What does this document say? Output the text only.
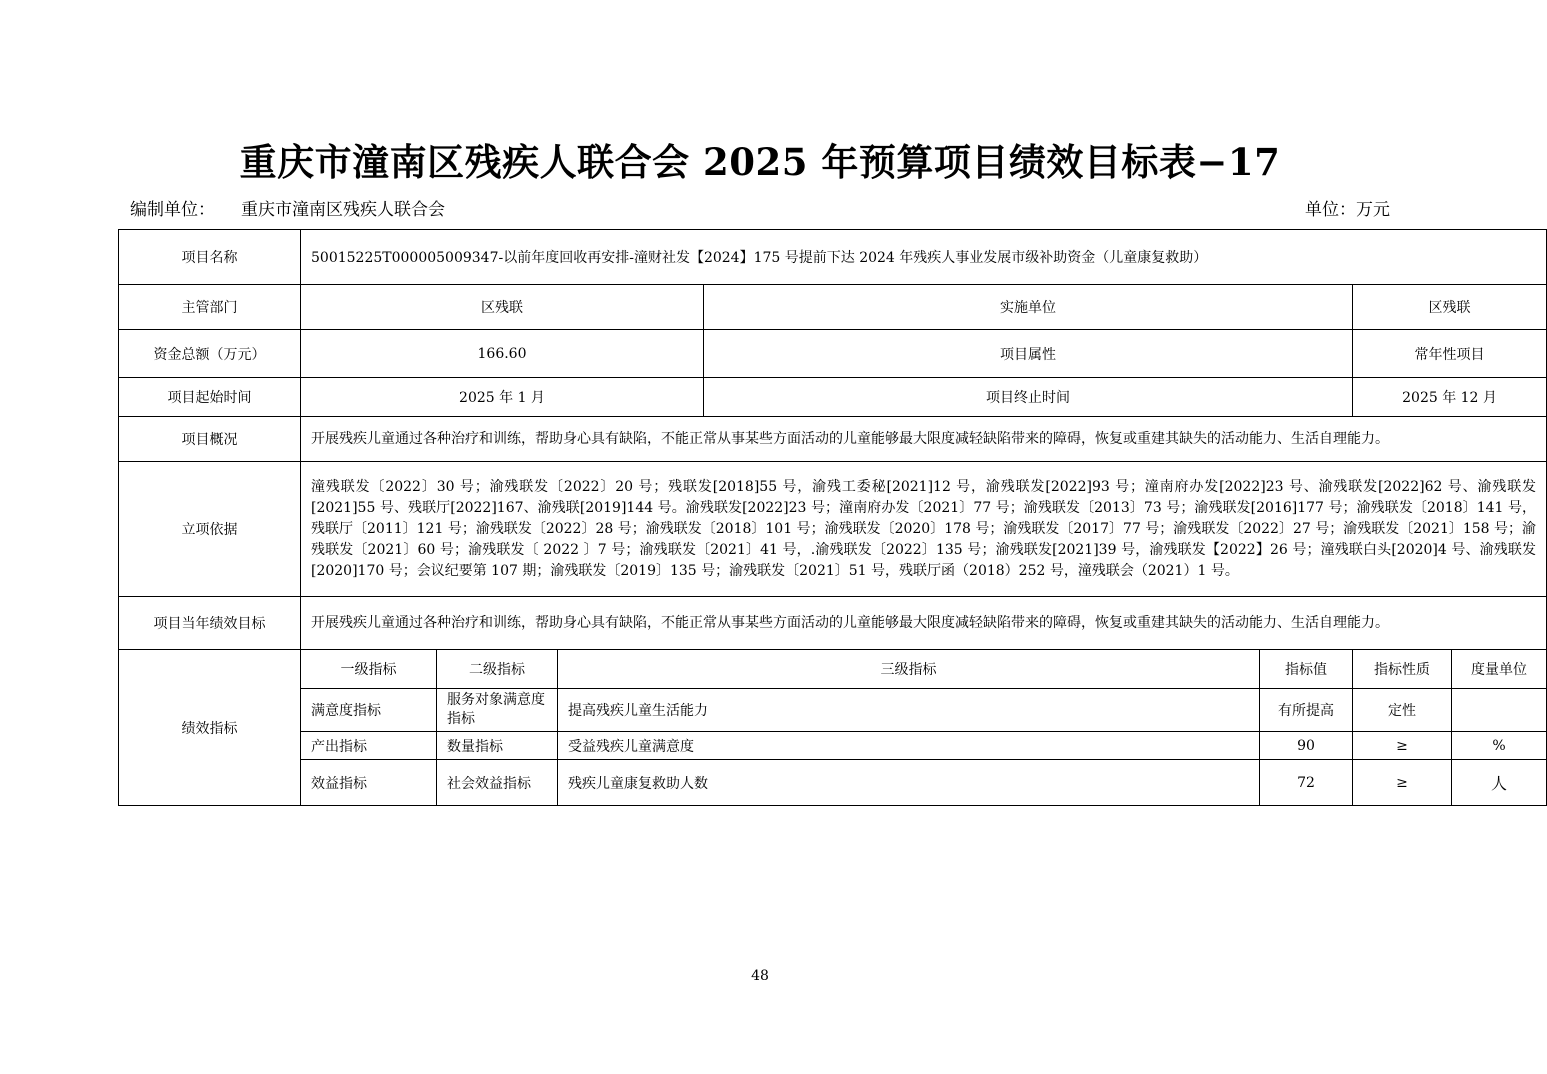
重庆市潼南区残疾人联合会 2025 年预算项目绩效目标表−17
编制单位： 重庆市潼南区残疾人联合会	单位：万元
项目名称	50015225T000005009347-以前年度回收再安排-潼财社发【2024】175 号提前下达 2024 年残疾人事业发展市级补助资金（儿童康复救助）						
主管部门	区残联			实施单位		区残联	
资金总额（万元）	166.60			项目属性		常年性项目	
项目起始时间	2025 年 1 月			项目终止时间		2025 年 12 月	
项目概况	开展残疾儿童通过各种治疗和训练，帮助身心具有缺陷，不能正常从事某些方面活动的儿童能够最大限度减轻缺陷带来的障碍，恢复或重建其缺失的活动能力、生活自理能力。						
立项依据	潼残联发〔2022〕30 号；渝残联发〔2022〕20 号；残联发[2018]55 号，渝残工委秘[2021]12 号，渝残联发[2022]93 号；潼南府办发[2022]23 号、渝残联发[2022]62 号、渝残联发[2021]55 号、残联厅[2022]167、渝残联[2019]144 号。渝残联发[2022]23 号；潼南府办发〔2021〕77 号；渝残联发〔2013〕73 号；渝残联发[2016]177 号；渝残联发〔2018〕141 号，残联厅〔2011〕121 号；渝残联发〔2022〕28 号；渝残联发〔2018〕101 号；渝残联发〔2020〕178 号；渝残联发〔2017〕77 号；渝残联发〔2022〕27 号；渝残联发〔2021〕158 号；渝残联发〔2021〕60 号；渝残联发〔 2022 〕7 号；渝残联发〔2021〕41 号，.渝残联发〔2022〕135 号；渝残联发[2021]39 号，渝残联发【2022】26 号；潼残联白头[2020]4 号、渝残联发[2020]170 号；会议纪要第 107 期；渝残联发〔2019〕135 号；渝残联发〔2021〕51 号，残联厅函（2018）252 号，潼残联会（2021）1 号。						
项目当年绩效目标	开展残疾儿童通过各种治疗和训练，帮助身心具有缺陷，不能正常从事某些方面活动的儿童能够最大限度减轻缺陷带来的障碍，恢复或重建其缺失的活动能力、生活自理能力。						
绩效指标	一级指标	二级指标	三级指标		指标值	指标性质	度量单位
	满意度指标	服务对象满意度指标	提高残疾儿童生活能力		有所提高	定性	
	产出指标	数量指标	受益残疾儿童满意度		90	≥	%
	效益指标	社会效益指标	残疾儿童康复救助人数		72	≥	人
48
